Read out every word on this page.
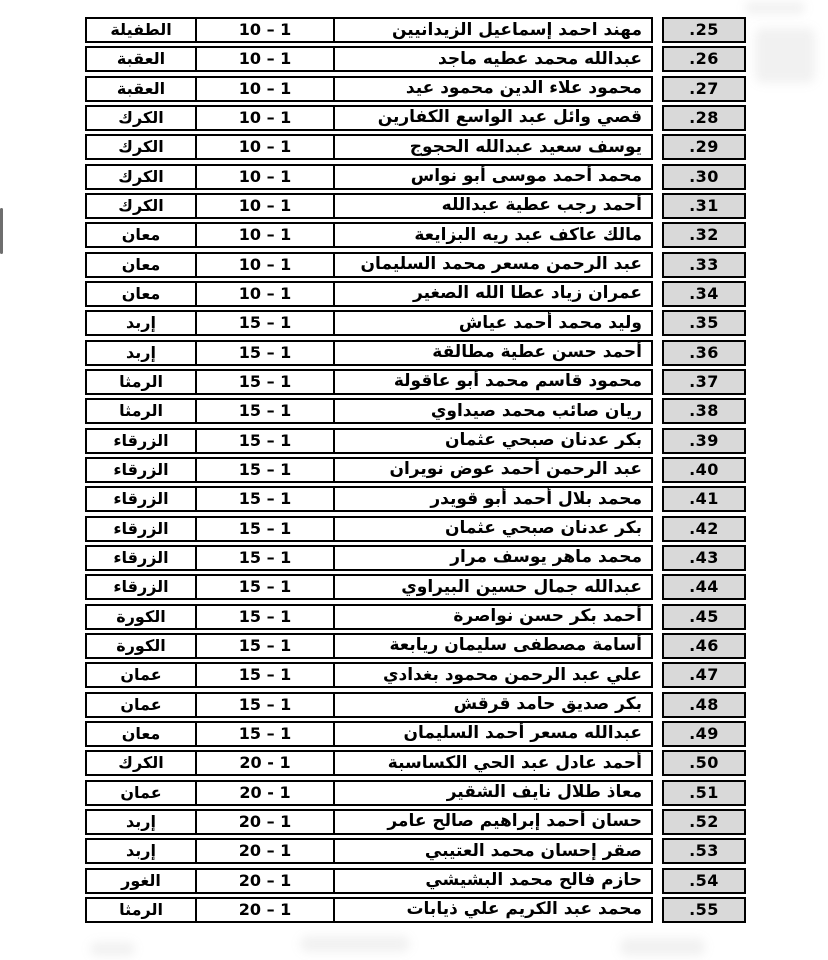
25.
مهند احمد إسماعيل الزيدانيين
1 – 10
الطفيلة
26.
عبدالله محمد عطيه ماجد
1 – 10
العقبة
27.
محمود علاء الدين محمود عيد
1 – 10
العقبة
28.
قصي وائل عبد الواسع الكفارين
1 – 10
الكرك
29.
يوسف سعيد عبدالله الحجوج
1 – 10
الكرك
30.
محمد أحمد موسى أبو نواس
1 – 10
الكرك
31.
أحمد رجب عطية عبدالله
1 – 10
الكرك
32.
مالك عاكف عبد ريه البزايعة
1 – 10
معان
33.
عبد الرحمن مسعر محمد السليمان
1 – 10
معان
34.
عمران زياد عطا الله الصغير
1 – 10
معان
35.
وليد محمد أحمد عياش
1 – 15
إربد
36.
أحمد حسن عطية مطالقة
1 – 15
إربد
37.
محمود قاسم محمد أبو عاقولة
1 – 15
الرمثا
38.
ريان صائب محمد صيداوي
1 – 15
الرمثا
39.
بكر عدنان صبحي عثمان
1 – 15
الزرقاء
40.
عبد الرحمن أحمد عوض نويران
1 – 15
الزرقاء
41.
محمد بلال أحمد أبو قويدر
1 – 15
الزرقاء
42.
بكر عدنان صبحي عثمان
1 – 15
الزرقاء
43.
محمد ماهر يوسف مرار
1 – 15
الزرقاء
44.
عبدالله جمال حسين البيراوي
1 – 15
الزرقاء
45.
أحمد بكر حسن نواصرة
1 – 15
الكورة
46.
أسامة مصطفى سليمان ريابعة
1 – 15
الكورة
47.
علي عبد الرحمن محمود بغدادي
1 – 15
عمان
48.
بكر صديق حامد قرقش
1 – 15
عمان
49.
عبدالله مسعر أحمد السليمان
1 – 15
معان
50.
أحمد عادل عبد الحي الكساسبة
1 - 20
الكرك
51.
معاذ طلال نايف الشقير
1 - 20
عمان
52.
حسان أحمد إبراهيم صالح عامر
1 – 20
إربد
53.
صقر إحسان محمد العتيبي
1 – 20
إربد
54.
حازم فالح محمد البشيشي
1 – 20
الغور
55.
محمد عبد الكريم علي ذيابات
1 – 20
الرمثا
